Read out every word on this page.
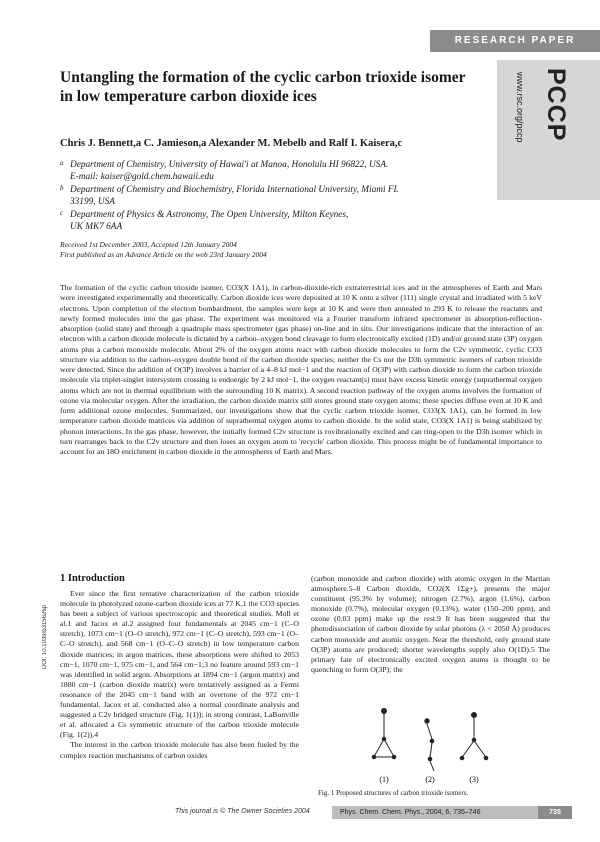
RESEARCH PAPER
PCCP
www.rsc.org/pccp
Untangling the formation of the cyclic carbon trioxide isomer in low temperature carbon dioxide ices
Chris J. Bennett,a C. Jamieson,a Alexander M. Mebelb and Ralf I. Kaisera,c
a Department of Chemistry, University of Hawai'i at Manoa, Honolulu HI 96822, USA.
E-mail: kaiser@gold.chem.hawaii.edu
b Department of Chemistry and Biochemistry, Florida International University, Miami FL
33199, USA
c Department of Physics & Astronomy, The Open University, Milton Keynes,
UK MK7 6AA
Received 1st December 2003, Accepted 12th January 2004
First published as an Advance Article on the web 23rd January 2004
The formation of the cyclic carbon trioxide isomer, CO3(X 1A1), in carbon-dioxide-rich extraterrestrial ices and in the atmospheres of Earth and Mars were investigated experimentally and theoretically. Carbon dioxide ices were deposited at 10 K onto a silver (111) single crystal and irradiated with 5 keV electrons. Upon completion of the electron bombardment, the samples were kept at 10 K and were then annealed to 293 K to release the reactants and newly formed molecules into the gas phase. The experiment was monitored via a Fourier transform infrared spectrometer in absorption-reflection-absorption (solid state) and through a quadruple mass spectrometer (gas phase) on-line and in situ. Our investigations indicate that the interaction of an electron with a carbon dioxide molecule is dictated by a carbon–oxygen bond cleavage to form electronically excited (1D) and/or ground state (3P) oxygen atoms plus a carbon monoxide molecule. About 2% of the oxygen atoms react with carbon dioxide molecules to form the C2v symmetric, cyclic CO3 structure via addition to the carbon–oxygen double bond of the carbon dioxide species; neither the Cs nor the D3h symmetric isomers of carbon trioxide were detected. Since the addition of O(3P) involves a barrier of a 4–8 kJ mol−1 and the reaction of O(3P) with carbon dioxide to form the carbon trioxide molecule via triplet-singlet intersystem crossing is endoergic by 2 kJ mol−1, the oxygen reactant(s) must have excess kinetic energy (suprathermal oxygen atoms which are not in thermal equilibrium with the surrounding 10 K matrix). A second reaction pathway of the oxygen atoms involves the formation of ozone via molecular oxygen. After the irradiation, the carbon dioxide matrix still stores ground state oxygen atoms; these species diffuse even at 10 K and form additional ozone molecules. Summarized, our investigations show that the cyclic carbon trioxide isomer, CO3(X 1A1), can be formed in low temperature carbon dioxide matrices via addition of suprathermal oxygen atoms to carbon dioxide. In the solid state, CO3(X 1A1) is being stabilized by phonon interactions. In the gas phase, however, the initially formed C2v structure is rovibrationally excited and can ring-open to the D3h isomer which in turn rearranges back to the C2v structure and then loses an oxygen atom to 'recycle' carbon dioxide. This process might be of fundamental importance to account for an 18O enrichment in carbon dioxide in the atmospheres of Earth and Mars.
1 Introduction

Ever since the first tentative characterization of the carbon trioxide molecule in photolyzed ozone-carbon dioxide ices at 77 K,1 the CO3 species has been a subject of various spectroscopic and theoretical studies. Moll et al.1 and Jacox et al.2 assigned four fundamentals at 2045 cm−1 (C–O stretch), 1073 cm−1 (O–O stretch), 972 cm−1 (C–O stretch), 593 cm−1 (O–C–O stretch), and 568 cm−1 (O–C–O stretch) in low temperature carbon dioxide matrices; in argon matrices, these absorptions were shifted to 2053 cm−1, 1070 cm−1, 975 cm−1, and 564 cm−1;3 no feature around 593 cm−1 was identified in solid argon. Absorptions at 1894 cm−1 (argon matrix) and 1880 cm−1 (carbon dioxide matrix) were tentatively assigned as a Fermi resonance of the 2045 cm−1 band with an overtone of the 972 cm−1 fundamental. Jacox et al. conducted also a normal coordinate analysis and suggested a C2v bridged structure (Fig. 1(1)); in strong contrast, LaBonville et al. allocated a Cs symmetric structure of the carbon trioxide molecule (Fig. 1(2)).4

The interest in the carbon trioxide molecule has also been fueled by the complex reaction mechanisms of carbon oxides

DOI: 10.1039/b315626p

(carbon monoxide and carbon dioxide) with atomic oxygen in the Martian atmosphere.5–8 Carbon dioxide, CO2(X 1Σg+), presents the major constituent (95.3% by volume); nitrogen (2.7%), argon (1.6%), carbon monoxide (0.7%), molecular oxygen (0.13%), water (150–200 ppm), and ozone (0.03 ppm) make up the rest.9 It has been suggested that the photodissociation of carbon dioxide by solar photons (λ < 2050 Å) produces carbon monoxide and atomic oxygen. Near the threshold, only ground state O(3P) atoms are produced; shorter wavelengths supply also O(1D).5 The primary fate of electronically excited oxygen atoms is thought to be quenching to form O(3P); the

(1)	(2)	(3)
Fig. 1 Proposed structures of carbon trioxide isomers.
This journal is © The Owner Societies 2004	Phys. Chem. Chem. Phys., 2004, 6, 735–746	735
